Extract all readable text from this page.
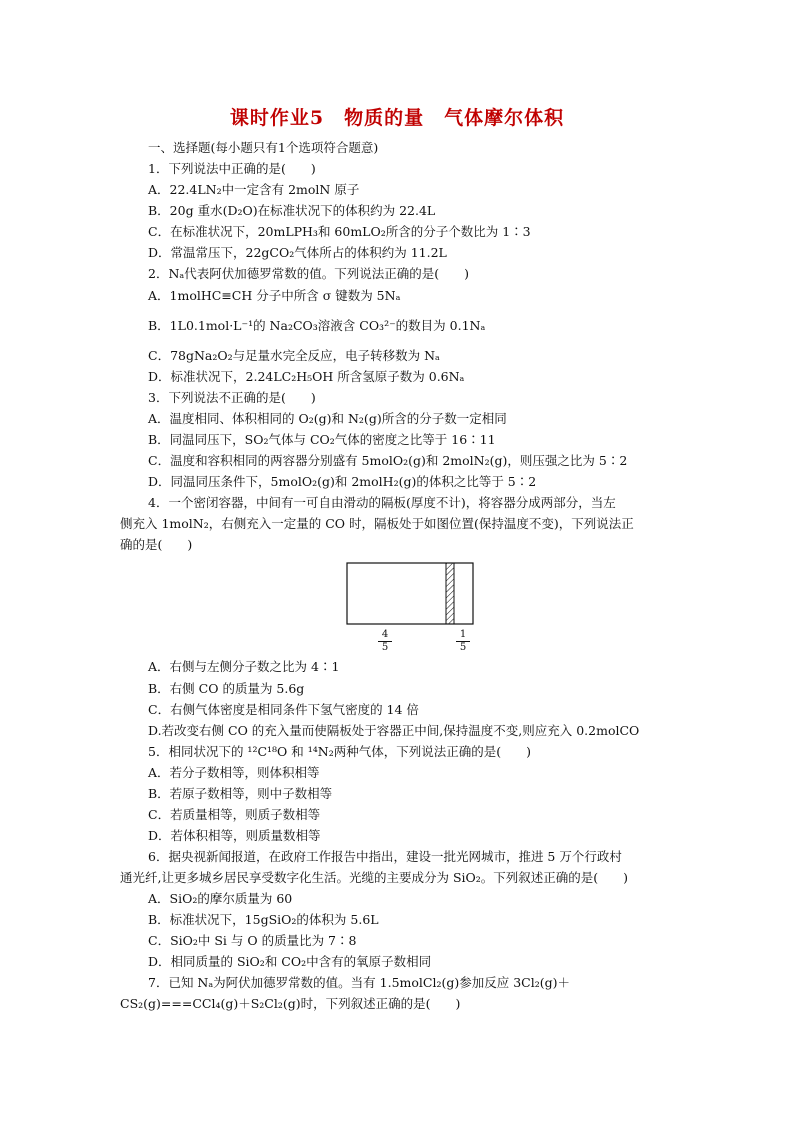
课时作业5　物质的量　气体摩尔体积
一、选择题(每小题只有1个选项符合题意)
1．下列说法中正确的是(　　)
A．22.4LN₂中一定含有 2molN 原子
B．20g 重水(D₂O)在标准状况下的体积约为 22.4L
C．在标准状况下，20mLPH₃和 60mLO₂所含的分子个数比为 1∶3
D．常温常压下，22gCO₂气体所占的体积约为 11.2L
2．Nₐ代表阿伏加德罗常数的值。下列说法正确的是(　　)
A．1molHC≡CH 分子中所含 σ 键数为 5Nₐ
B．1L0.1mol·L⁻¹的 Na₂CO₃溶液含 CO₃²⁻的数目为 0.1Nₐ
C．78gNa₂O₂与足量水完全反应，电子转移数为 Nₐ
D．标准状况下，2.24LC₂H₅OH 所含氢原子数为 0.6Nₐ
3．下列说法不正确的是(　　)
A．温度相同、体积相同的 O₂(g)和 N₂(g)所含的分子数一定相同
B．同温同压下，SO₂气体与 CO₂气体的密度之比等于 16∶11
C．温度和容积相同的两容器分别盛有 5molO₂(g)和 2molN₂(g)，则压强之比为 5∶2
D．同温同压条件下，5molO₂(g)和 2molH₂(g)的体积之比等于 5∶2
4．一个密闭容器，中间有一可自由滑动的隔板(厚度不计)，将容器分成两部分，当左
侧充入 1molN₂，右侧充入一定量的 CO 时，隔板处于如图位置(保持温度不变)，下列说法正
确的是(　　)
4
5
1
5
A．右侧与左侧分子数之比为 4∶1
B．右侧 CO 的质量为 5.6g
C．右侧气体密度是相同条件下氢气密度的 14 倍
D.若改变右侧 CO 的充入量而使隔板处于容器正中间,保持温度不变,则应充入 0.2molCO
5．相同状况下的 ¹²C¹⁸O 和 ¹⁴N₂两种气体，下列说法正确的是(　　)
A．若分子数相等，则体积相等
B．若原子数相等，则中子数相等
C．若质量相等，则质子数相等
D．若体积相等，则质量数相等
6．据央视新闻报道，在政府工作报告中指出，建设一批光网城市，推进 5 万个行政村
通光纤,让更多城乡居民享受数字化生活。光缆的主要成分为 SiO₂。下列叙述正确的是(　　)
A．SiO₂的摩尔质量为 60
B．标准状况下，15gSiO₂的体积为 5.6L
C．SiO₂中 Si 与 O 的质量比为 7∶8
D．相同质量的 SiO₂和 CO₂中含有的氧原子数相同
7．已知 Nₐ为阿伏加德罗常数的值。当有 1.5molCl₂(g)参加反应 3Cl₂(g)＋
CS₂(g)===CCl₄(g)＋S₂Cl₂(g)时，下列叙述正确的是(　　)
